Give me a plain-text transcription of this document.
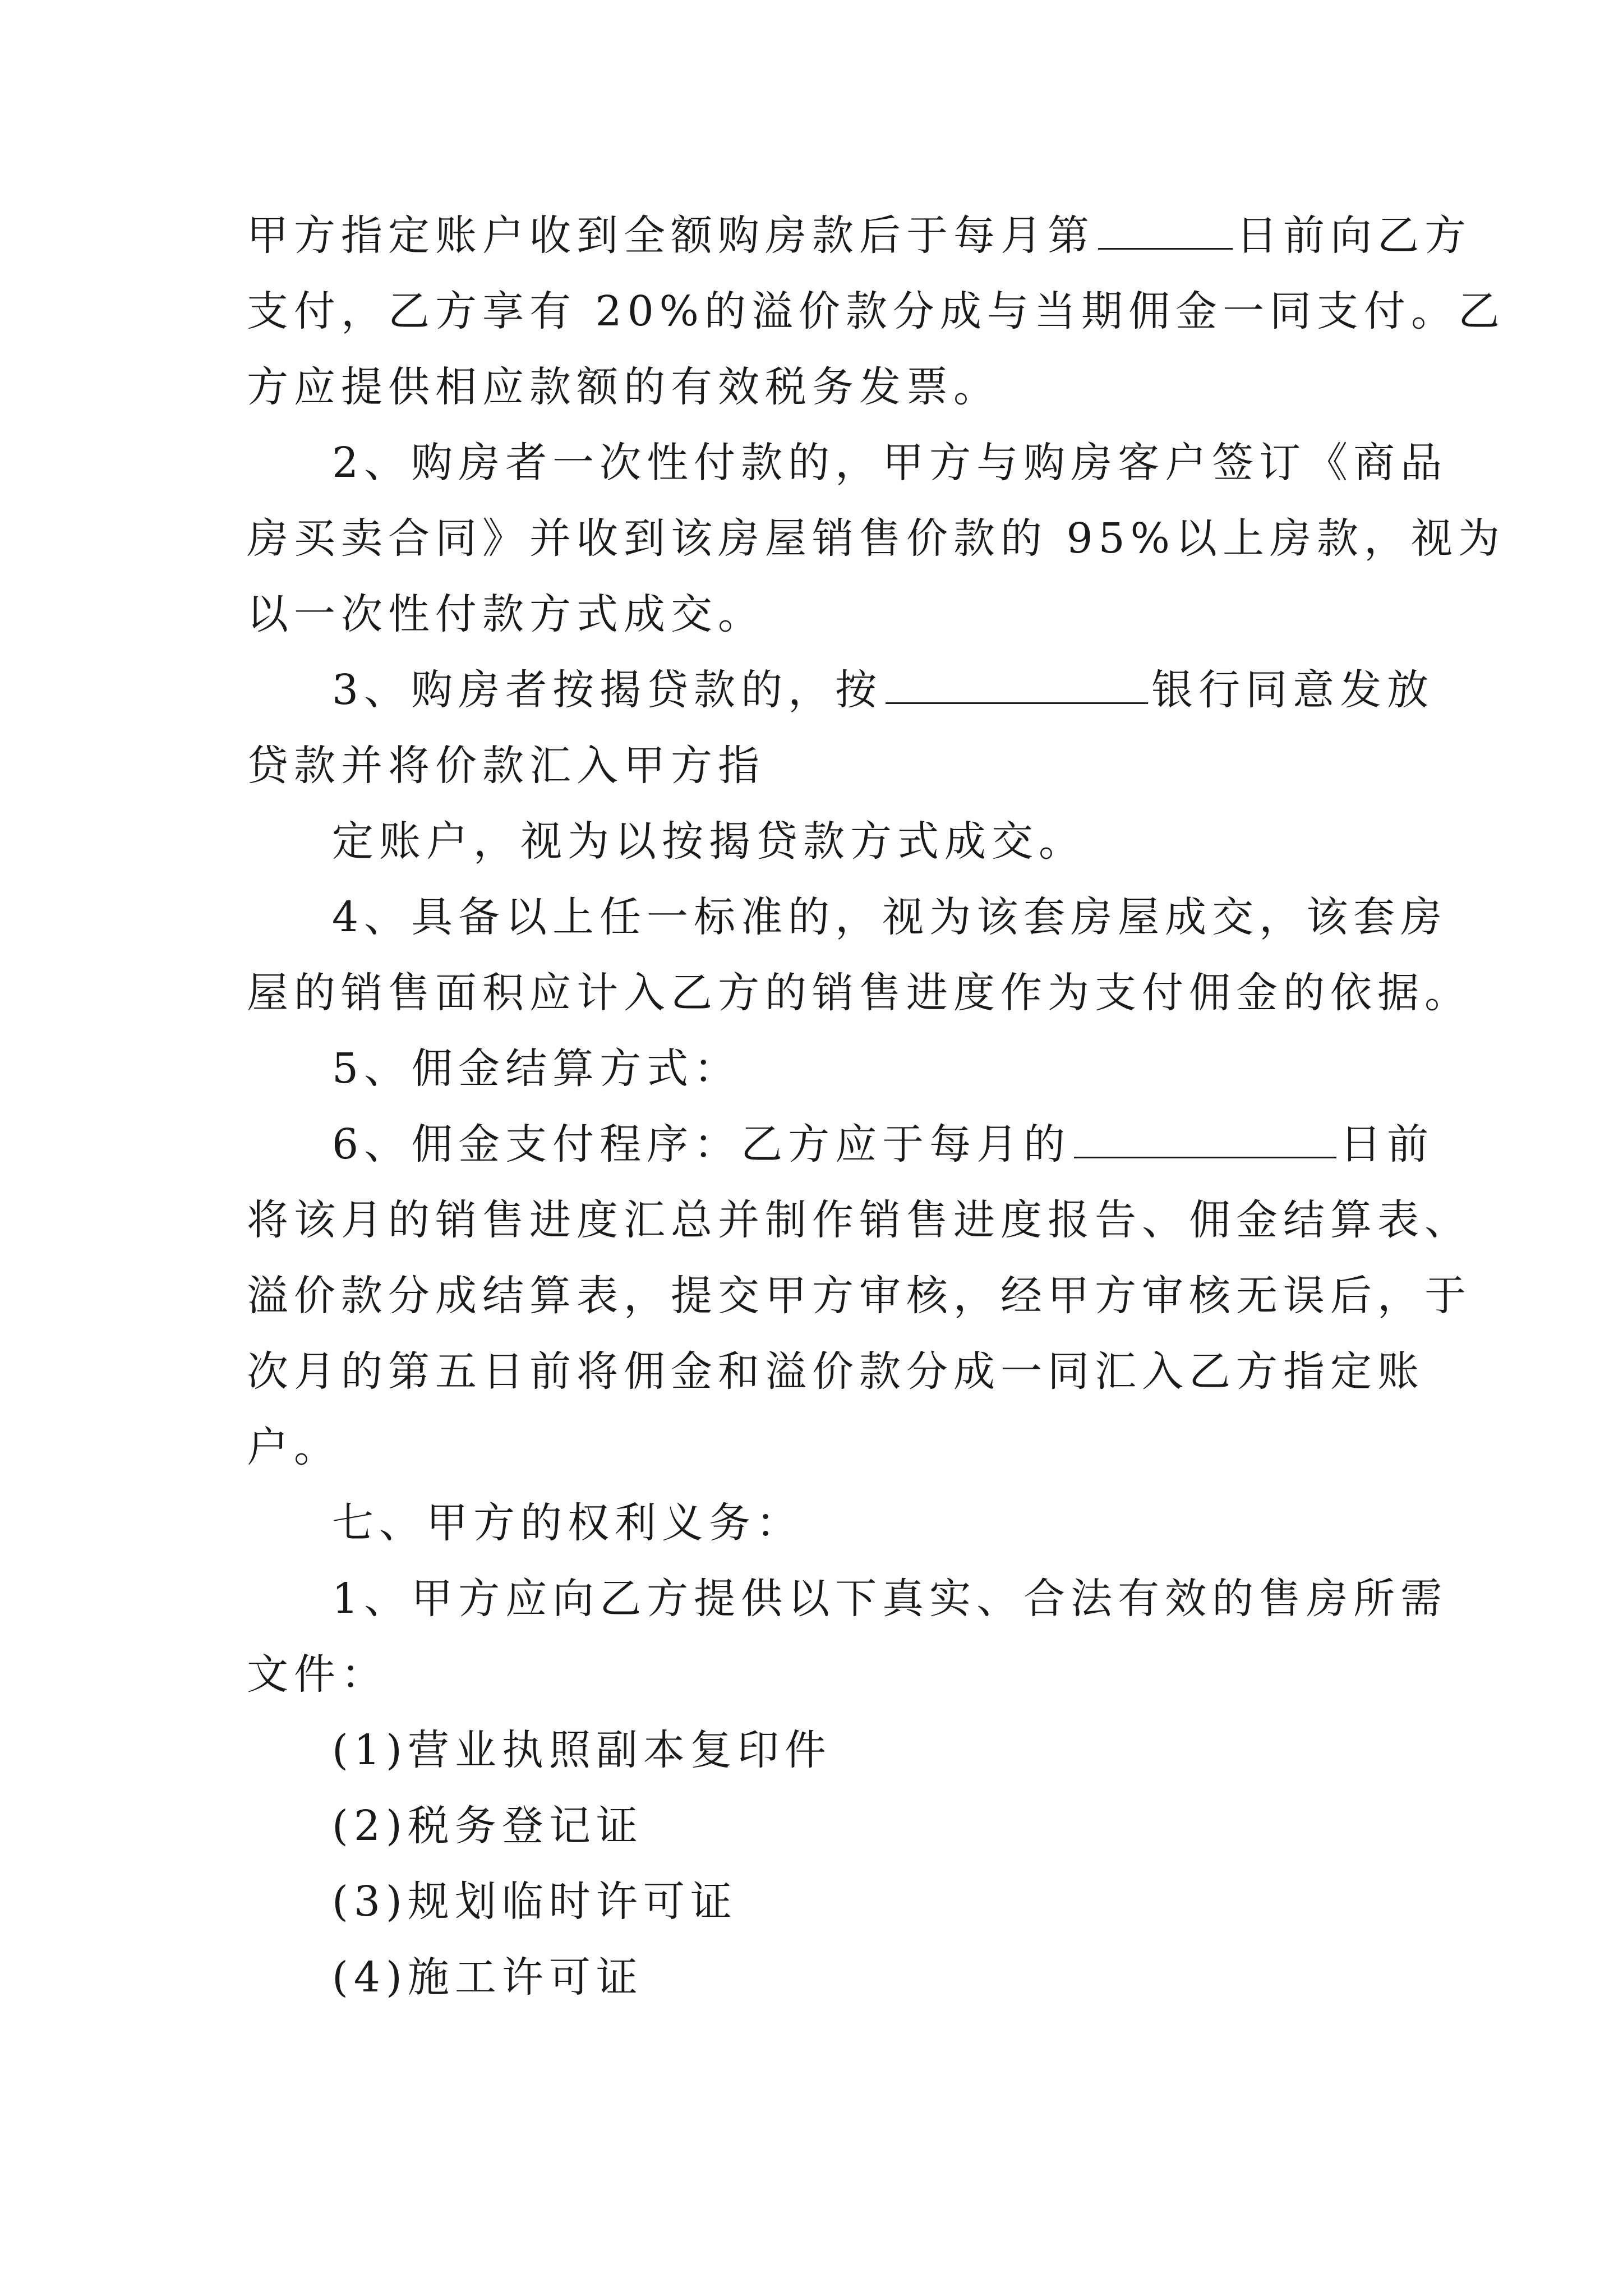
甲方指定账户收到全额购房款后于每月第	日前向乙方
支付，乙方享有 20%的溢价款分成与当期佣金一同支付。乙
方应提供相应款额的有效税务发票。
2、购房者一次性付款的，甲方与购房客户签订《商品
房买卖合同》并收到该房屋销售价款的 95%以上房款，视为
以一次性付款方式成交。
3、购房者按揭贷款的，按	银行同意发放
贷款并将价款汇入甲方指
定账户，视为以按揭贷款方式成交。
4、具备以上任一标准的，视为该套房屋成交，该套房
屋的销售面积应计入乙方的销售进度作为支付佣金的依据。
5、佣金结算方式：
6、佣金支付程序：乙方应于每月的	日前
将该月的销售进度汇总并制作销售进度报告、佣金结算表、
溢价款分成结算表，提交甲方审核，经甲方审核无误后，于
次月的第五日前将佣金和溢价款分成一同汇入乙方指定账
户。
七、甲方的权利义务：
1、甲方应向乙方提供以下真实、合法有效的售房所需
文件：
(1)营业执照副本复印件
(2)税务登记证
(3)规划临时许可证
(4)施工许可证
